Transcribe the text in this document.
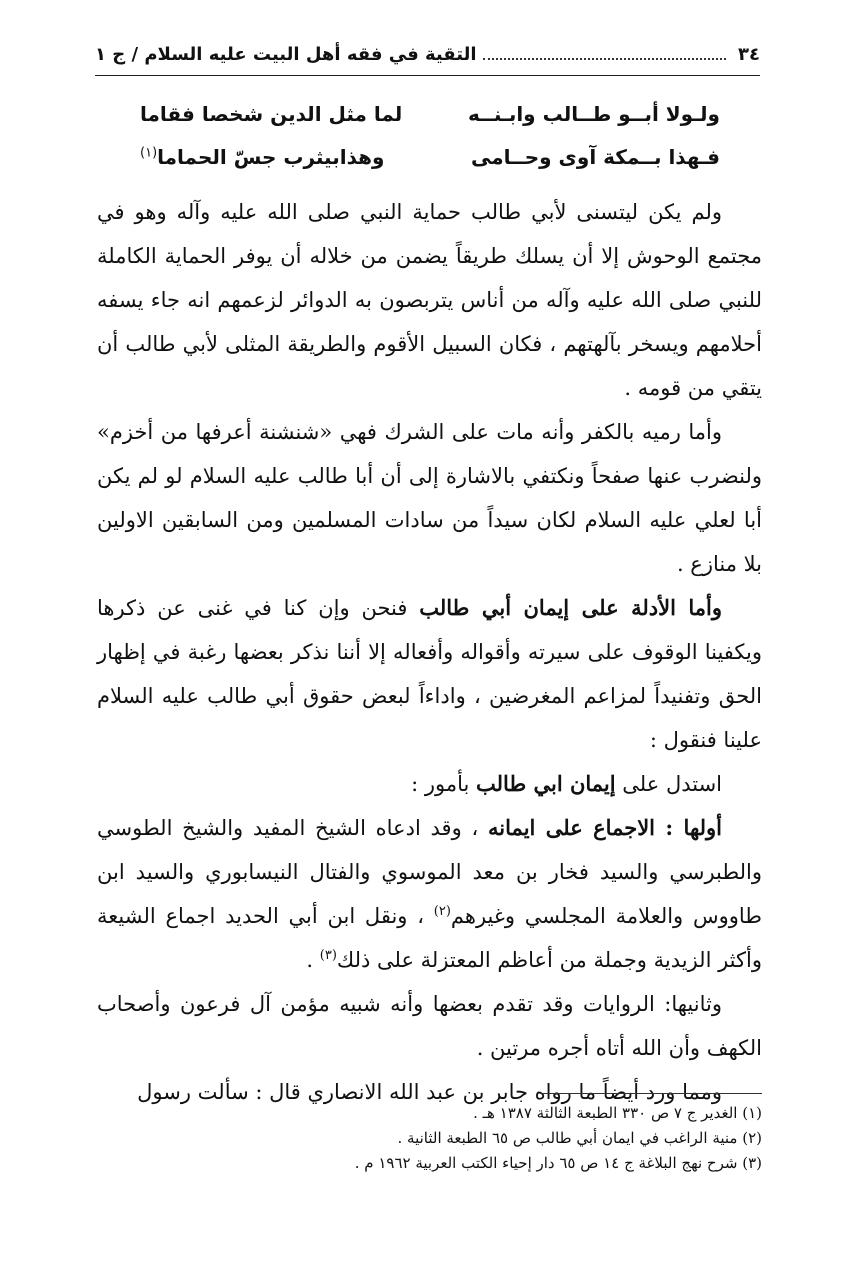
٣٤
التقية في فقه أهل البيت عليه السلام / ج ١
ولـولا أبــو طــالب وابـنــه
لما مثل الدين شخصا فقاما
فـهذا بــمكة آوى وحــامى
وهذابيثرب جسّ الحماما$^{(١)}$

ولم يكن ليتسنى لأبي طالب حماية النبي صلى الله عليه وآله وهو في مجتمع الوحوش إلا أن يسلك طريقاً يضمن من خلاله أن يوفر الحماية الكاملة للنبي صلى الله عليه وآله من أناس يتربصون به الدوائر لزعمهم انه جاء يسفه أحلامهم ويسخر بآلهتهم ، فكان السبيل الأقوم والطريقة المثلى لأبي طالب أن يتقي من قومه .

وأما رميه بالكفر وأنه مات على الشرك فهي «شنشنة أعرفها من أخزم» ولنضرب عنها صفحاً ونكتفي بالاشارة إلى أن أبا طالب عليه السلام لو لم يكن أبا لعلي عليه السلام لكان سيداً من سادات المسلمين ومن السابقين الاولين بلا منازع .

وأما الأدلة على إيمان أبي طالب فنحن وإن كنا في غنى عن ذكرها ويكفينا الوقوف على سيرته وأقواله وأفعاله إلا أننا نذكر بعضها رغبة في إظهار الحق وتفنيداً لمزاعم المغرضين ، واداءاً لبعض حقوق أبي طالب عليه السلام علينا فنقول :

استدل على إيمان ابي طالب بأمور :

أولها : الاجماع على ايمانه ، وقد ادعاه الشيخ المفيد والشيخ الطوسي والطبرسي والسيد فخار بن معد الموسوي والفتال النيسابوري والسيد ابن طاووس والعلامة المجلسي وغيرهم$^{(٢)}$ ، ونقل ابن أبي الحديد اجماع الشيعة وأكثر الزيدية وجملة من أعاظم المعتزلة على ذلك$^{(٣)}$ .

وثانيها: الروايات وقد تقدم بعضها وأنه شبيه مؤمن آل فرعون وأصحاب الكهف وأن الله أتاه أجره مرتين .

ومما ورد أيضاً ما رواه جابر بن عبد الله الانصاري قال : سألت رسول

(١) الغدير ج ٧ ص ٣٣٠ الطبعة الثالثة ١٣٨٧ هـ .
(٢) منية الراغب في ايمان أبي طالب ص ٦٥ الطبعة الثانية .
(٣) شرح نهج البلاغة ج ١٤ ص ٦٥ دار إحياء الكتب العربية ١٩٦٢ م .
